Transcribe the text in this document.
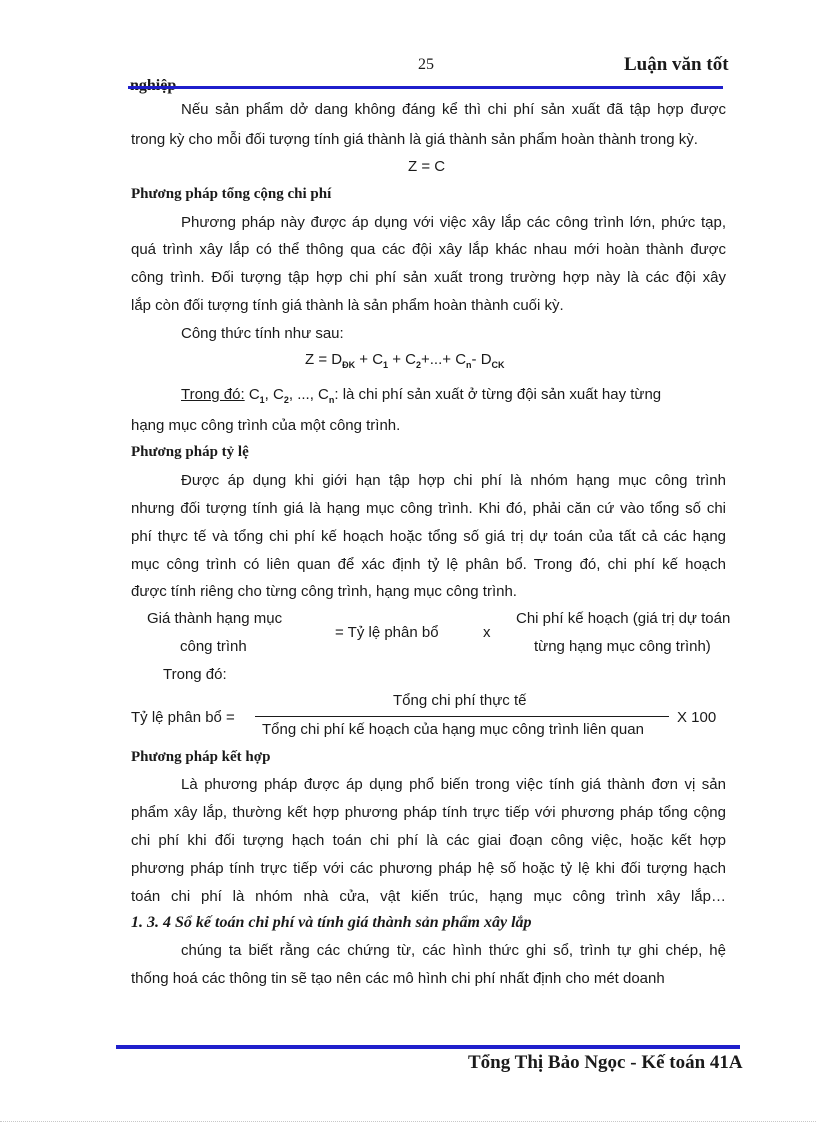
25	Luận văn tốt
Nếu sản phẩm dở dang không đáng kể thì chi phí sản xuất đã tập hợp được
trong kỳ cho mỗi đối tượng tính giá thành là giá thành sản phẩm hoàn thành trong kỳ.
Z = C
Phương pháp tổng cộng chi phí
Phương pháp này được áp dụng với việc xây lắp các công trình lớn, phức tạp,
quá trình xây lắp có thể thông qua các đội xây lắp khác nhau mới hoàn thành được
công trình. Đối tượng tập hợp chi phí sản xuất trong trường hợp này là các đội xây
lắp còn đối tượng tính giá thành là sản phẩm hoàn thành cuối kỳ.
Công thức tính như sau:
$Z = D_{ĐK} + C_1 + C_2+...+ C_n-$ $D_{CK}$
Trong đó: $C_1$, $C_2$, ..., $C_n$: là chi phí sản xuất ở từng đội sản xuất hay từng
hạng mục công trình của một công trình.
Phương pháp tỷ lệ
Được áp dụng khi giới hạn tập hợp chi phí là nhóm hạng mục công trình
nhưng đối tượng tính giá là hạng mục công trình. Khi đó, phải căn cứ vào tổng số chi
phí thực tế và tổng chi phí kế hoạch hoặc tổng số giá trị dự toán của tất cả các hạng
mục công trình có liên quan để xác định tỷ lệ phân bổ. Trong đó, chi phí kế hoạch
được tính riêng cho từng công trình, hạng mục công trình.
Giá thành hạng mục
công trình
= Tỷ lệ phân bổ	x
Chi phí kế hoạch (giá trị dự toán
từng hạng mục công trình)
Trong đó:
Tỷ lệ phân bổ =
Tổng chi phí thực tế
Tổng chi phí kế hoạch của hạng mục công trình liên quan
X 100
Phương pháp kết hợp
Là phương pháp được áp dụng phổ biến trong việc tính giá thành đơn vị sản
phẩm xây lắp, thường kết hợp phương pháp tính trực tiếp với phương pháp tổng cộng
chi phí khi đối tượng hạch toán chi phí là các giai đoạn công việc, hoặc kết hợp
phương pháp tính trực tiếp với các phương pháp hệ số hoặc tỷ lệ khi đối tượng hạch
toán chi phí là nhóm nhà cửa, vật kiến trúc, hạng mục công trình xây lắp…
1. 3. 4 Sổ kế toán chi phí và tính giá thành sản phẩm xây lắp
chúng ta biết rằng các chứng từ, các hình thức ghi sổ, trình tự ghi chép, hệ
thống hoá các thông tin sẽ tạo nên các mô hình chi phí nhất định cho mét doanh
Tổng Thị Bảo Ngọc - Kế toán 41A
